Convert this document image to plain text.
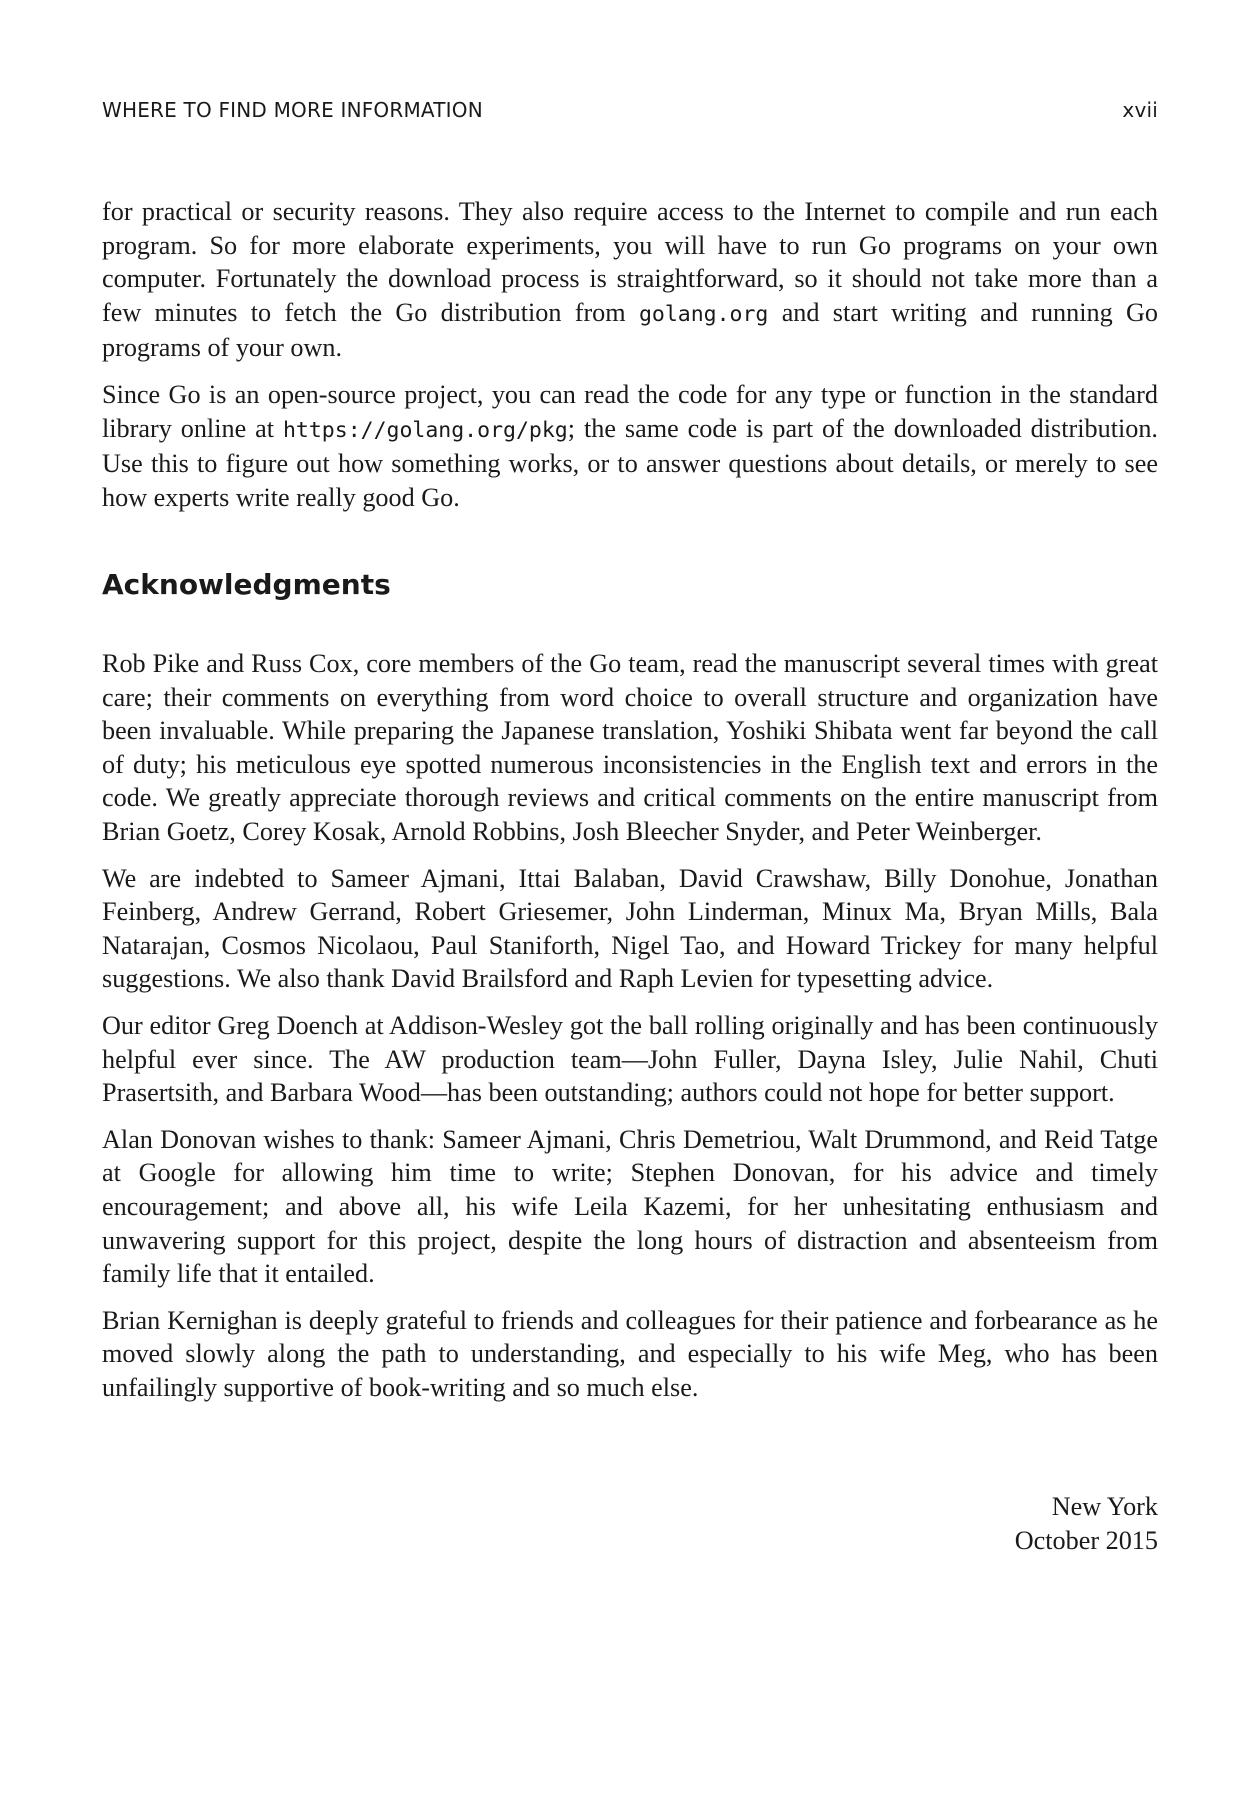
WHERE TO FIND MORE INFORMATION	xvii

for practical or security reasons. They also require access to the Internet to compile and run each program. So for more elaborate experiments, you will have to run Go programs on your own computer. Fortunately the download process is straightforward, so it should not take more than a few minutes to fetch the Go distribution from golang.org and start writing and running Go programs of your own.

Since Go is an open-source project, you can read the code for any type or function in the standard library online at https://golang.org/pkg; the same code is part of the downloaded distribution. Use this to figure out how something works, or to answer questions about details, or merely to see how experts write really good Go.

Acknowledgments

Rob Pike and Russ Cox, core members of the Go team, read the manuscript several times with great care; their comments on everything from word choice to overall structure and organization have been invaluable. While preparing the Japanese translation, Yoshiki Shibata went far beyond the call of duty; his meticulous eye spotted numerous inconsistencies in the English text and errors in the code. We greatly appreciate thorough reviews and critical comments on the entire manuscript from Brian Goetz, Corey Kosak, Arnold Robbins, Josh Bleecher Snyder, and Peter Weinberger.

We are indebted to Sameer Ajmani, Ittai Balaban, David Crawshaw, Billy Donohue, Jonathan Feinberg, Andrew Gerrand, Robert Griesemer, John Linderman, Minux Ma, Bryan Mills, Bala Natarajan, Cosmos Nicolaou, Paul Staniforth, Nigel Tao, and Howard Trickey for many helpful suggestions. We also thank David Brailsford and Raph Levien for typesetting advice.

Our editor Greg Doench at Addison-Wesley got the ball rolling originally and has been continuously helpful ever since. The AW production team—John Fuller, Dayna Isley, Julie Nahil, Chuti Prasertsith, and Barbara Wood—has been outstanding; authors could not hope for better support.

Alan Donovan wishes to thank: Sameer Ajmani, Chris Demetriou, Walt Drummond, and Reid Tatge at Google for allowing him time to write; Stephen Donovan, for his advice and timely encouragement; and above all, his wife Leila Kazemi, for her unhesitating enthusiasm and unwavering support for this project, despite the long hours of distraction and absenteeism from family life that it entailed.

Brian Kernighan is deeply grateful to friends and colleagues for their patience and forbearance as he moved slowly along the path to understanding, and especially to his wife Meg, who has been unfailingly supportive of book-writing and so much else.

New York
October 2015
